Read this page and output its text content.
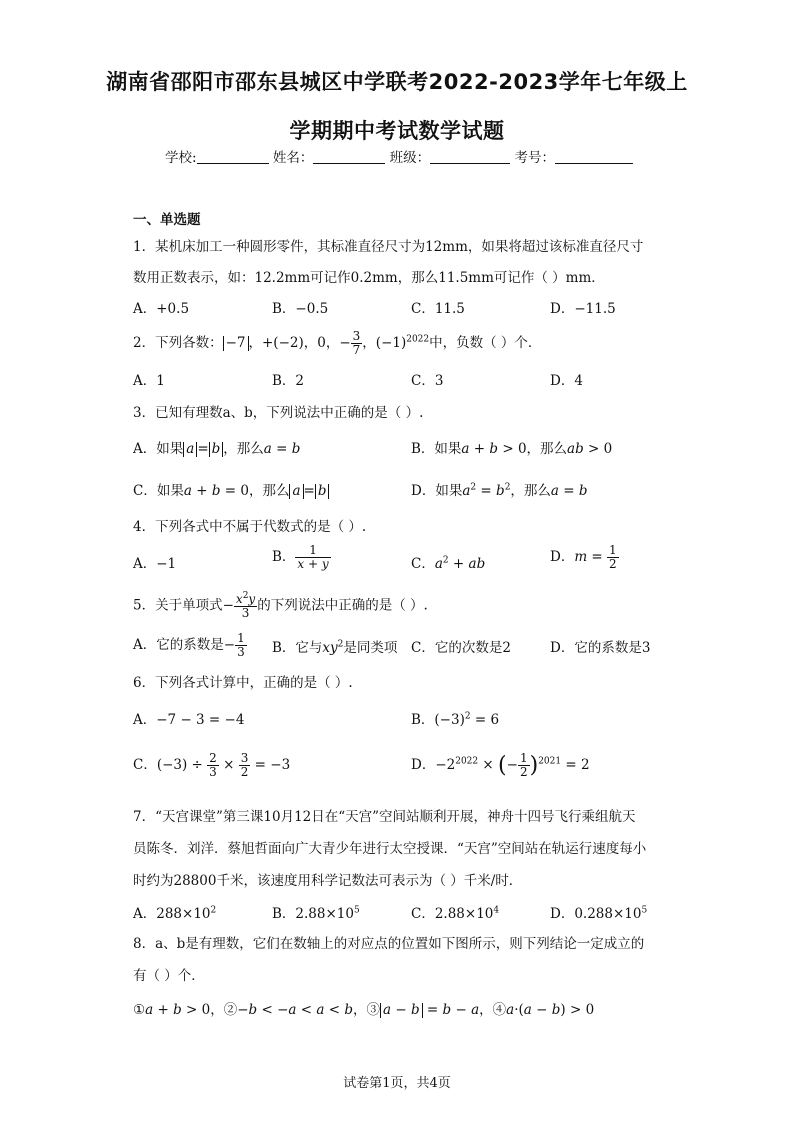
湖南省邵阳市邵东县城区中学联考2022-2023学年七年级上
学期期中考试数学试题
学校:	姓名：	班级：	考号：
一、单选题
1．某机床加工一种圆形零件，其标准直径尺寸为12mm，如果将超过该标准直径尺寸
数用正数表示，如：12.2mm可记作0.2mm，那么11.5mm可记作（ ）mm．
A．+0.5	B．−0.5	C．11.5	D．−11.5
2．下列各数： −7 ，+(−2)，0，− $\frac{3}{7}$ ，$(-1)^{2022}$中，负数（ ）个．
A．1	B．2	C．3	D．4
3．已知有理数a、b，下列说法中正确的是（ ）.
A．如果 a = b ，那么a = b	B．如果a + b > 0，那么ab > 0
C．如果a + b = 0，那么 a = b	D．如果$a^2 = b^2$，那么a = b
4．下列各式中不属于代数式的是（ ）.
A．−1	B． $\frac{1}{x + y}$	C．$a^2$ + ab	D．$m = \frac{1}{2}$
5．关于单项式− $\frac{x^2y}{3}$ 的下列说法中正确的是（ ）.
A．它的系数是− $\frac{1}{3}$ B．它与$xy^2$是同类项 C．它的次数是2	D．它的系数是3
6．下列各式计算中，正确的是（ ）.
A．−7 − 3 = −4	B．$(-3)^2 = 6$
C．$(-3) \div \frac{2}{3} \times \frac{3}{2} = -3$	D．$-2^{2022}$ × (− $\frac{1}{2} )^{2021} = 2$
7．“天宫课堂”第三课10月12日在“天宫”空间站顺利开展，神舟十四号飞行乘组航天
员陈冬．刘洋．蔡旭哲面向广大青少年进行太空授课．“天宫”空间站在轨运行速度每小
时约为28800千米，该速度用科学记数法可表示为（ ）千米/时．
A．$288\times 10^2$	B．$2.88\times 10^5$	C．$2.88\times 10^4$	D．$0.288\times 10^5$
8．a、b是有理数，它们在数轴上的对应点的位置如下图所示，则下列结论一定成立的
有（ ）个．
①a + b > 0，②−b < −a < a < b，③ a − b = b − a，④a·(a − b) > 0
试卷第1页，共4页
